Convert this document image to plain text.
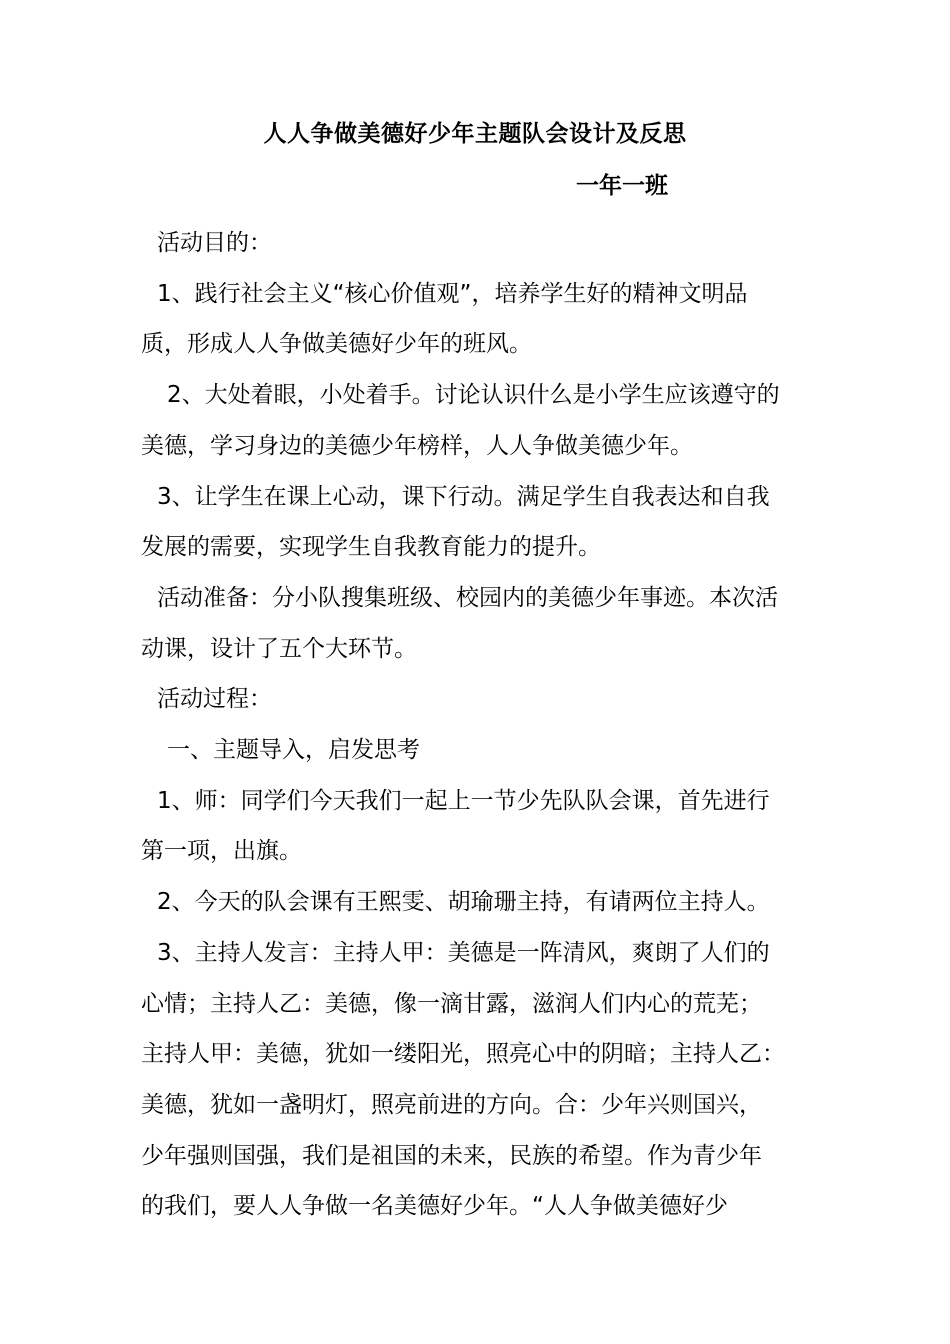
人人争做美德好少年主题队会设计及反思
一年一班

活动目的：

1、践行社会主义“核心价值观”，培养学生好的精神文明品

质，形成人人争做美德好少年的班风。

2、大处着眼，小处着手。讨论认识什么是小学生应该遵守的

美德，学习身边的美德少年榜样，人人争做美德少年。

3、让学生在课上心动，课下行动。满足学生自我表达和自我

发展的需要，实现学生自我教育能力的提升。

活动准备：分小队搜集班级、校园内的美德少年事迹。本次活

动课，设计了五个大环节。

活动过程：

一、主题导入，启发思考

1、师：同学们今天我们一起上一节少先队队会课，首先进行

第一项，出旗。

2、今天的队会课有王熙雯、胡瑜珊主持，有请两位主持人。

3、主持人发言：主持人甲：美德是一阵清风，爽朗了人们的

心情；主持人乙：美德，像一滴甘露，滋润人们内心的荒芜；

主持人甲：美德，犹如一缕阳光，照亮心中的阴暗；主持人乙：

美德，犹如一盏明灯，照亮前进的方向。合：少年兴则国兴，

少年强则国强，我们是祖国的未来，民族的希望。作为青少年

的我们，要人人争做一名美德好少年。“人人争做美德好少
